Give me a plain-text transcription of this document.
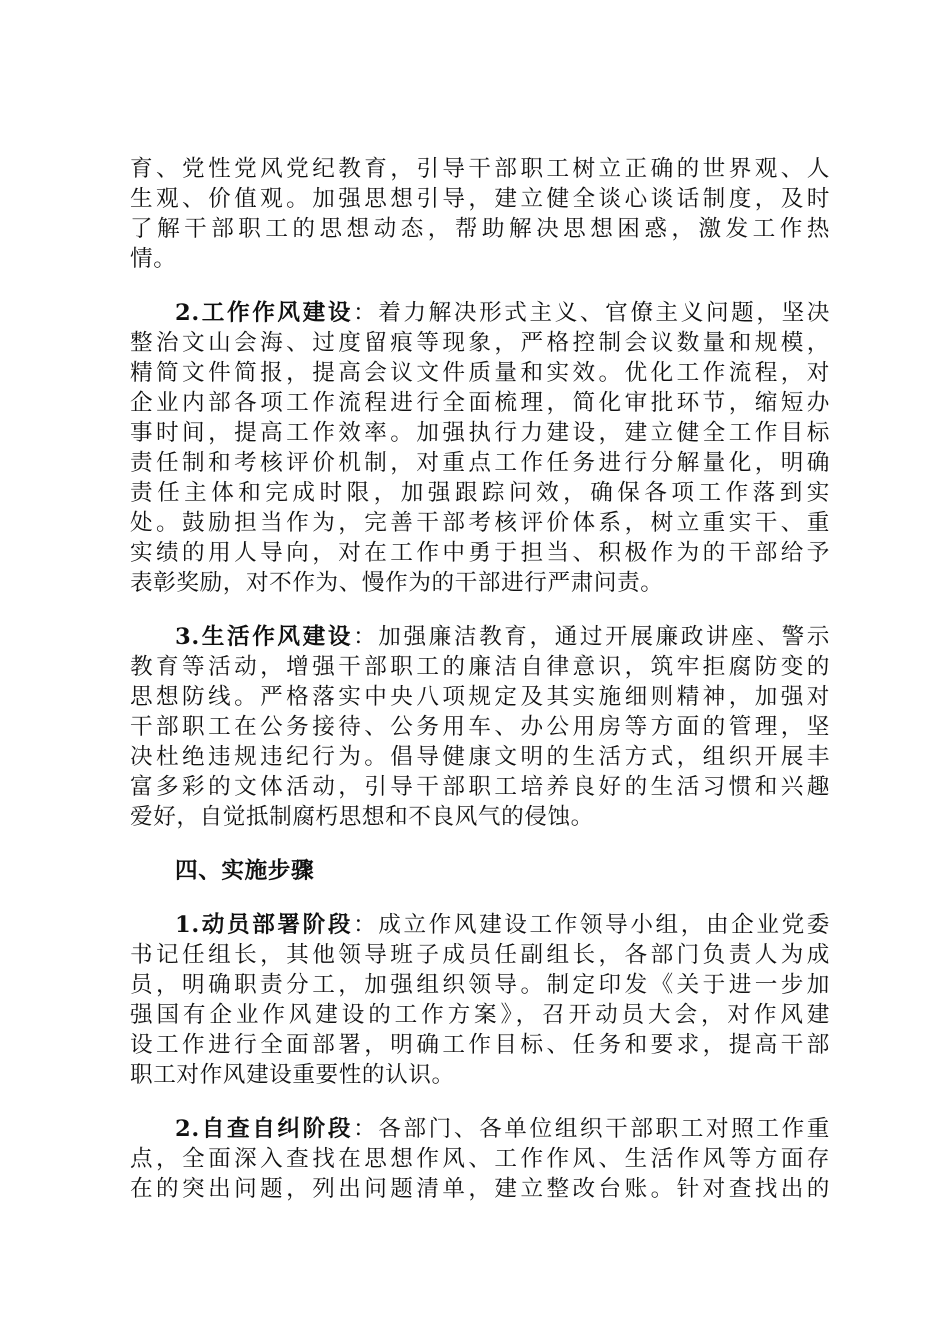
育、党性党风党纪教育，引导干部职工树立正确的世界观、人
生观、价值观。加强思想引导，建立健全谈心谈话制度，及时
了解干部职工的思想动态，帮助解决思想困惑，激发工作热
情。
2.工作作风建设：着力解决形式主义、官僚主义问题，坚决
整治文山会海、过度留痕等现象，严格控制会议数量和规模，
精简文件简报，提高会议文件质量和实效。优化工作流程，对
企业内部各项工作流程进行全面梳理，简化审批环节，缩短办
事时间，提高工作效率。加强执行力建设，建立健全工作目标
责任制和考核评价机制，对重点工作任务进行分解量化，明确
责任主体和完成时限，加强跟踪问效，确保各项工作落到实
处。鼓励担当作为，完善干部考核评价体系，树立重实干、重
实绩的用人导向，对在工作中勇于担当、积极作为的干部给予
表彰奖励，对不作为、慢作为的干部进行严肃问责。
3.生活作风建设：加强廉洁教育，通过开展廉政讲座、警示
教育等活动，增强干部职工的廉洁自律意识，筑牢拒腐防变的
思想防线。严格落实中央八项规定及其实施细则精神，加强对
干部职工在公务接待、公务用车、办公用房等方面的管理，坚
决杜绝违规违纪行为。倡导健康文明的生活方式，组织开展丰
富多彩的文体活动，引导干部职工培养良好的生活习惯和兴趣
爱好，自觉抵制腐朽思想和不良风气的侵蚀。
四、实施步骤
1.动员部署阶段：成立作风建设工作领导小组，由企业党委
书记任组长，其他领导班子成员任副组长，各部门负责人为成
员，明确职责分工，加强组织领导。制定印发《关于进一步加
强国有企业作风建设的工作方案》，召开动员大会，对作风建
设工作进行全面部署，明确工作目标、任务和要求，提高干部
职工对作风建设重要性的认识。
2.自查自纠阶段：各部门、各单位组织干部职工对照工作重
点，全面深入查找在思想作风、工作作风、生活作风等方面存
在的突出问题，列出问题清单，建立整改台账。针对查找出的
